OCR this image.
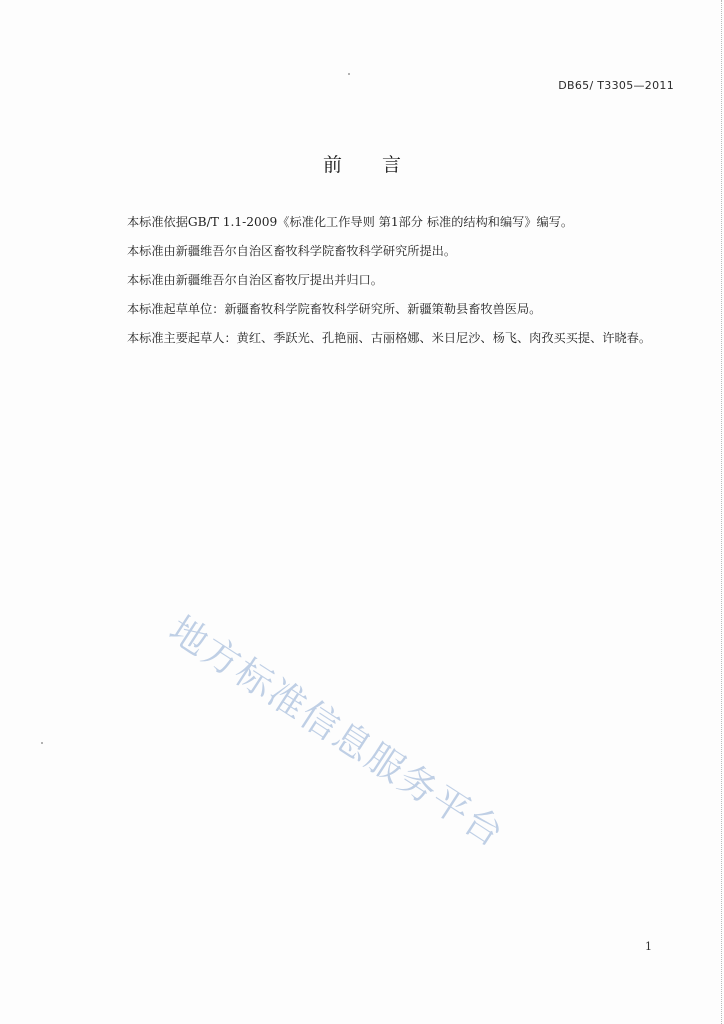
DB65/ T3305—2011
前言

本标准依据GB/T 1.1-2009《标准化工作导则 第1部分 标准的结构和编写》编写。

本标准由新疆维吾尔自治区畜牧科学院畜牧科学研究所提出。

本标准由新疆维吾尔自治区畜牧厅提出并归口。

本标准起草单位：新疆畜牧科学院畜牧科学研究所、新疆策勒县畜牧兽医局。

本标准主要起草人：黄红、季跃光、孔艳丽、古丽格娜、米日尼沙、杨飞、肉孜买买提、许晓春。

地方标准信息服务平台
1
